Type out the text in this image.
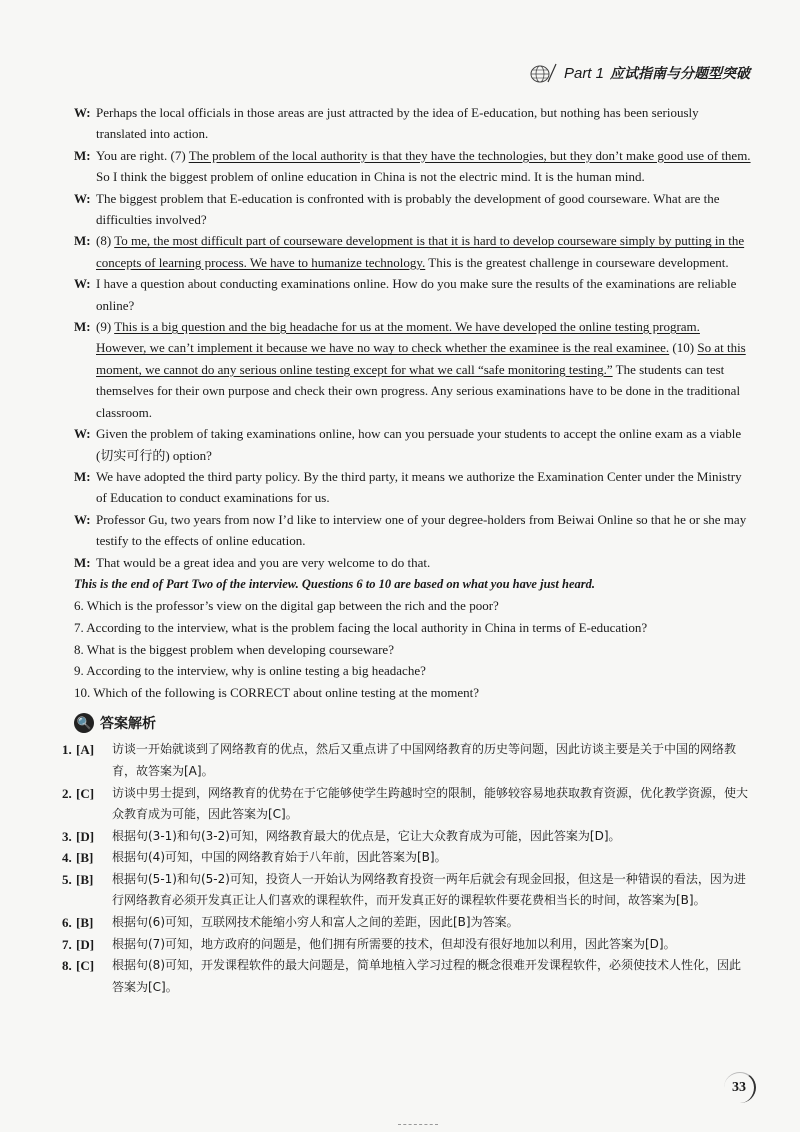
Part 1 应试指南与分题型突破
W: Perhaps the local officials in those areas are just attracted by the idea of E-education, but nothing has been seriously translated into action.
M: You are right. (7) The problem of the local authority is that they have the technologies, but they don’t make good use of them. So I think the biggest problem of online education in China is not the electric mind. It is the human mind.
W: The biggest problem that E-education is confronted with is probably the development of good courseware. What are the difficulties involved?
M: (8) To me, the most difficult part of courseware development is that it is hard to develop courseware simply by putting in the concepts of learning process. We have to humanize technology. This is the greatest challenge in courseware development.
W: I have a question about conducting examinations online. How do you make sure the results of the examinations are reliable online?
M: (9) This is a big question and the big headache for us at the moment. We have developed the online testing program. However, we can’t implement it because we have no way to check whether the examinee is the real examinee. (10) So at this moment, we cannot do any serious online testing except for what we call “safe monitoring testing.” The students can test themselves for their own purpose and check their own progress. Any serious examinations have to be done in the traditional classroom.
W: Given the problem of taking examinations online, how can you persuade your students to accept the online exam as a viable (切实可行的) option?
M: We have adopted the third party policy. By the third party, it means we authorize the Examination Center under the Ministry of Education to conduct examinations for us.
W: Professor Gu, two years from now I’d like to interview one of your degree-holders from Beiwai Online so that he or she may testify to the effects of online education.
M: That would be a great idea and you are very welcome to do that.
This is the end of Part Two of the interview. Questions 6 to 10 are based on what you have just heard.
6. Which is the professor’s view on the digital gap between the rich and the poor?
7. According to the interview, what is the problem facing the local authority in China in terms of E-education?
8. What is the biggest problem when developing courseware?
9. According to the interview, why is online testing a big headache?
10. Which of the following is CORRECT about online testing at the moment?
🔍 答案解析
1. [A] 访谈一开始就谈到了网络教育的优点，然后又重点讲了中国网络教育的历史等问题，因此访谈主要是关于中国的网络教育，故答案为[A]。
2. [C] 访谈中男士提到，网络教育的优势在于它能够使学生跨越时空的限制，能够较容易地获取教育资源，优化教学资源，使大众教育成为可能，因此答案为[C]。
3. [D] 根据句(3-1)和句(3-2)可知，网络教育最大的优点是，它让大众教育成为可能，因此答案为[D]。
4. [B] 根据句(4)可知，中国的网络教育始于八年前，因此答案为[B]。
5. [B] 根据句(5-1)和句(5-2)可知，投资人一开始认为网络教育投资一两年后就会有现金回报，但这是一种错误的看法，因为进行网络教育必须开发真正让人们喜欢的课程软件，而开发真正好的课程软件要花费相当长的时间，故答案为[B]。
6. [B] 根据句(6)可知，互联网技术能缩小穷人和富人之间的差距，因此[B]为答案。
7. [D] 根据句(7)可知，地方政府的问题是，他们拥有所需要的技术，但却没有很好地加以利用，因此答案为[D]。
8. [C] 根据句(8)可知，开发课程软件的最大问题是，简单地植入学习过程的概念很难开发课程软件，必须使技术人性化，因此答案为[C]。
33
